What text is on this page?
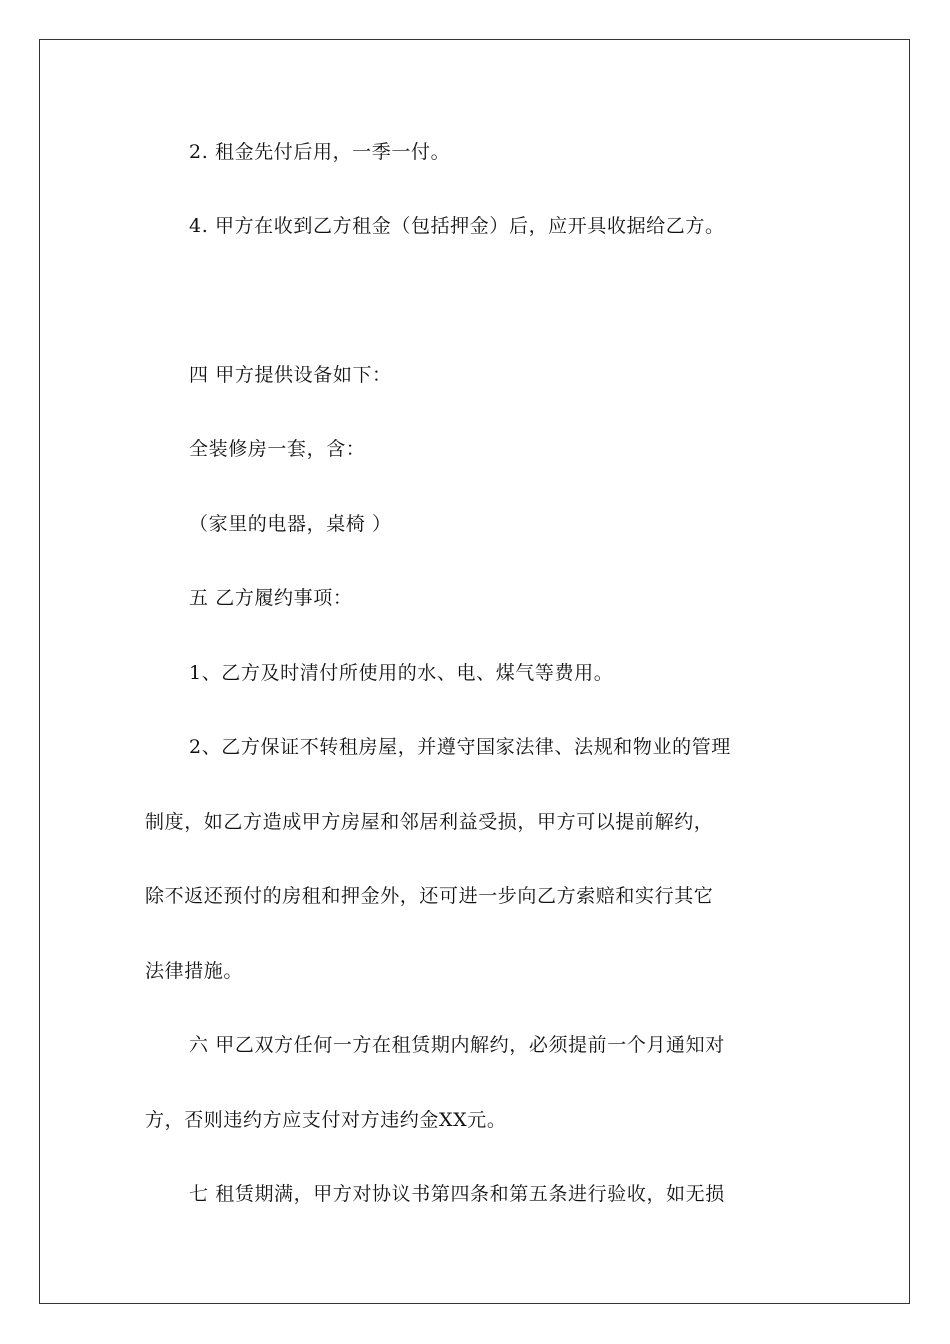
2. 租金先付后用，一季一付。
4. 甲方在收到乙方租金（包括押金）后，应开具收据给乙方。
四 甲方提供设备如下：
全装修房一套，含：
（家里的电器，桌椅 ）
五 乙方履约事项：
1、乙方及时清付所使用的水、电、煤气等费用。
2、乙方保证不转租房屋，并遵守国家法律、法规和物业的管理
制度，如乙方造成甲方房屋和邻居利益受损，甲方可以提前解约，
除不返还预付的房租和押金外，还可进一步向乙方索赔和实行其它
法律措施。
六 甲乙双方任何一方在租赁期内解约，必须提前一个月通知对
方，否则违约方应支付对方违约金XX元。
七 租赁期满，甲方对协议书第四条和第五条进行验收，如无损
